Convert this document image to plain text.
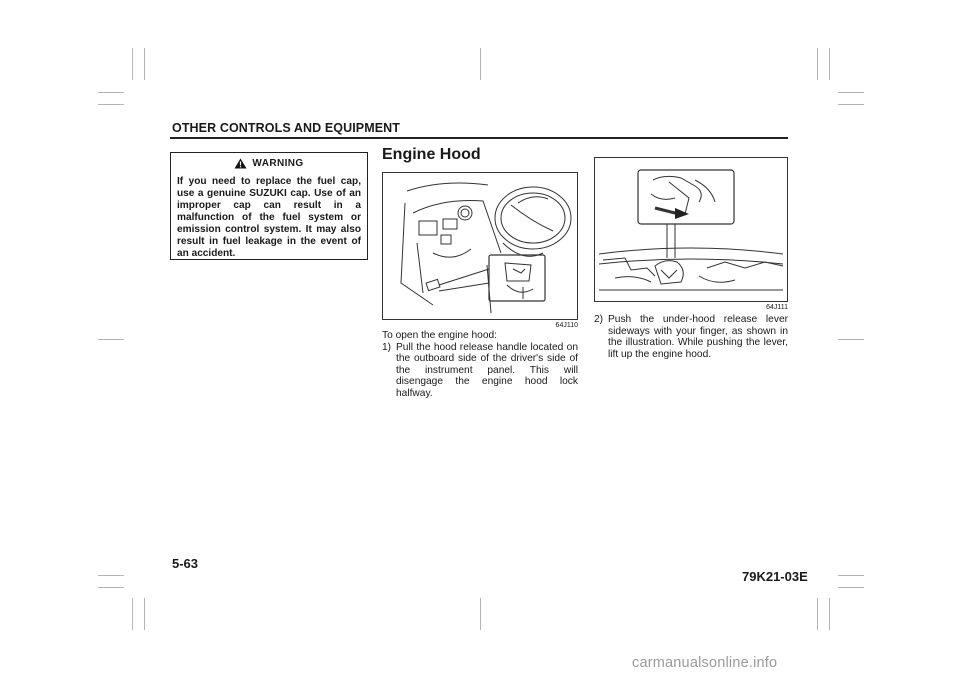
OTHER CONTROLS AND EQUIPMENT
WARNING
If you need to replace the fuel cap, use a genuine SUZUKI cap. Use of an improper cap can result in a malfunction of the fuel system or emission control system. It may also result in fuel leakage in the event of an accident.
Engine Hood
64J110
64J111
To open the engine hood:
1) Pull the hood release handle located on the outboard side of the driver's side of the instrument panel. This will disengage the engine hood lock halfway.
2) Push the under-hood release lever sideways with your finger, as shown in the illustration. While pushing the lever, lift up the engine hood.
5-63
79K21-03E
carmanualsonline.info
